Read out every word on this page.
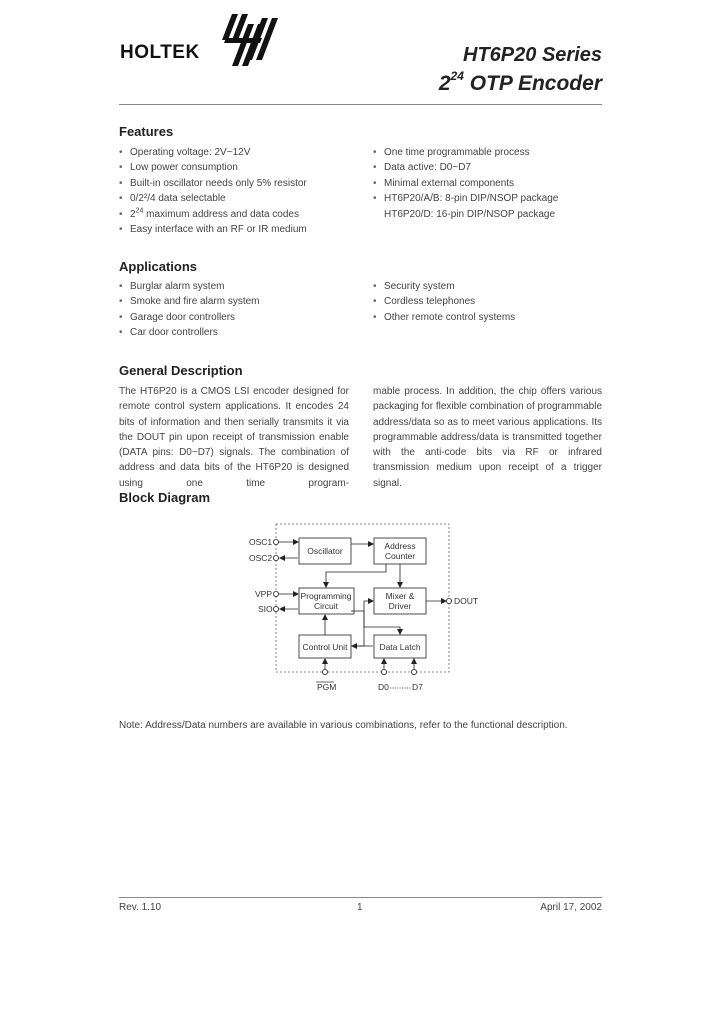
HOLTEK	HT6P20 Series
$2^{24}$ OTP Encoder
Features
• Operating voltage: 2V~12V
• Low power consumption
• Built-in oscillator needs only 5% resistor
• 0/2²/4 data selectable
• $2^{24}$ maximum address and data codes
• Easy interface with an RF or IR medium
• One time programmable process
• Data active: D0~D7
• Minimal external components
• HT6P20/A/B: 8-pin DIP/NSOP package
HT6P20/D: 16-pin DIP/NSOP package
Applications
• Burglar alarm system
• Smoke and fire alarm system
• Garage door controllers
• Car door controllers
• Security system
• Cordless telephones
• Other remote control systems
General Description
The HT6P20 is a CMOS LSI encoder designed for remote control system applications. It encodes 24 bits of information and then serially transmits it via the DOUT pin upon receipt of transmission enable (DATA pins: D0~D7) signals. The combination of address and data bits of the HT6P20 is designed using one time program-
mable process. In addition, the chip offers various packaging for flexible combination of programmable address/data so as to meet various applications. Its programmable address/data is transmitted together with the anti-code bits via RF or infrared transmission medium upon receipt of a trigger signal.
Block Diagram
Oscillator	Address
Counter
Programming
Circuit
Mixer &
Driver
Control Unit	Data Latch
OSC1
OSC2
VPP
SIO
DOUT
PGM	D0	D7
Note: Address/Data numbers are available in various combinations, refer to the functional description.
Rev. 1.10	1	April 17, 2002
